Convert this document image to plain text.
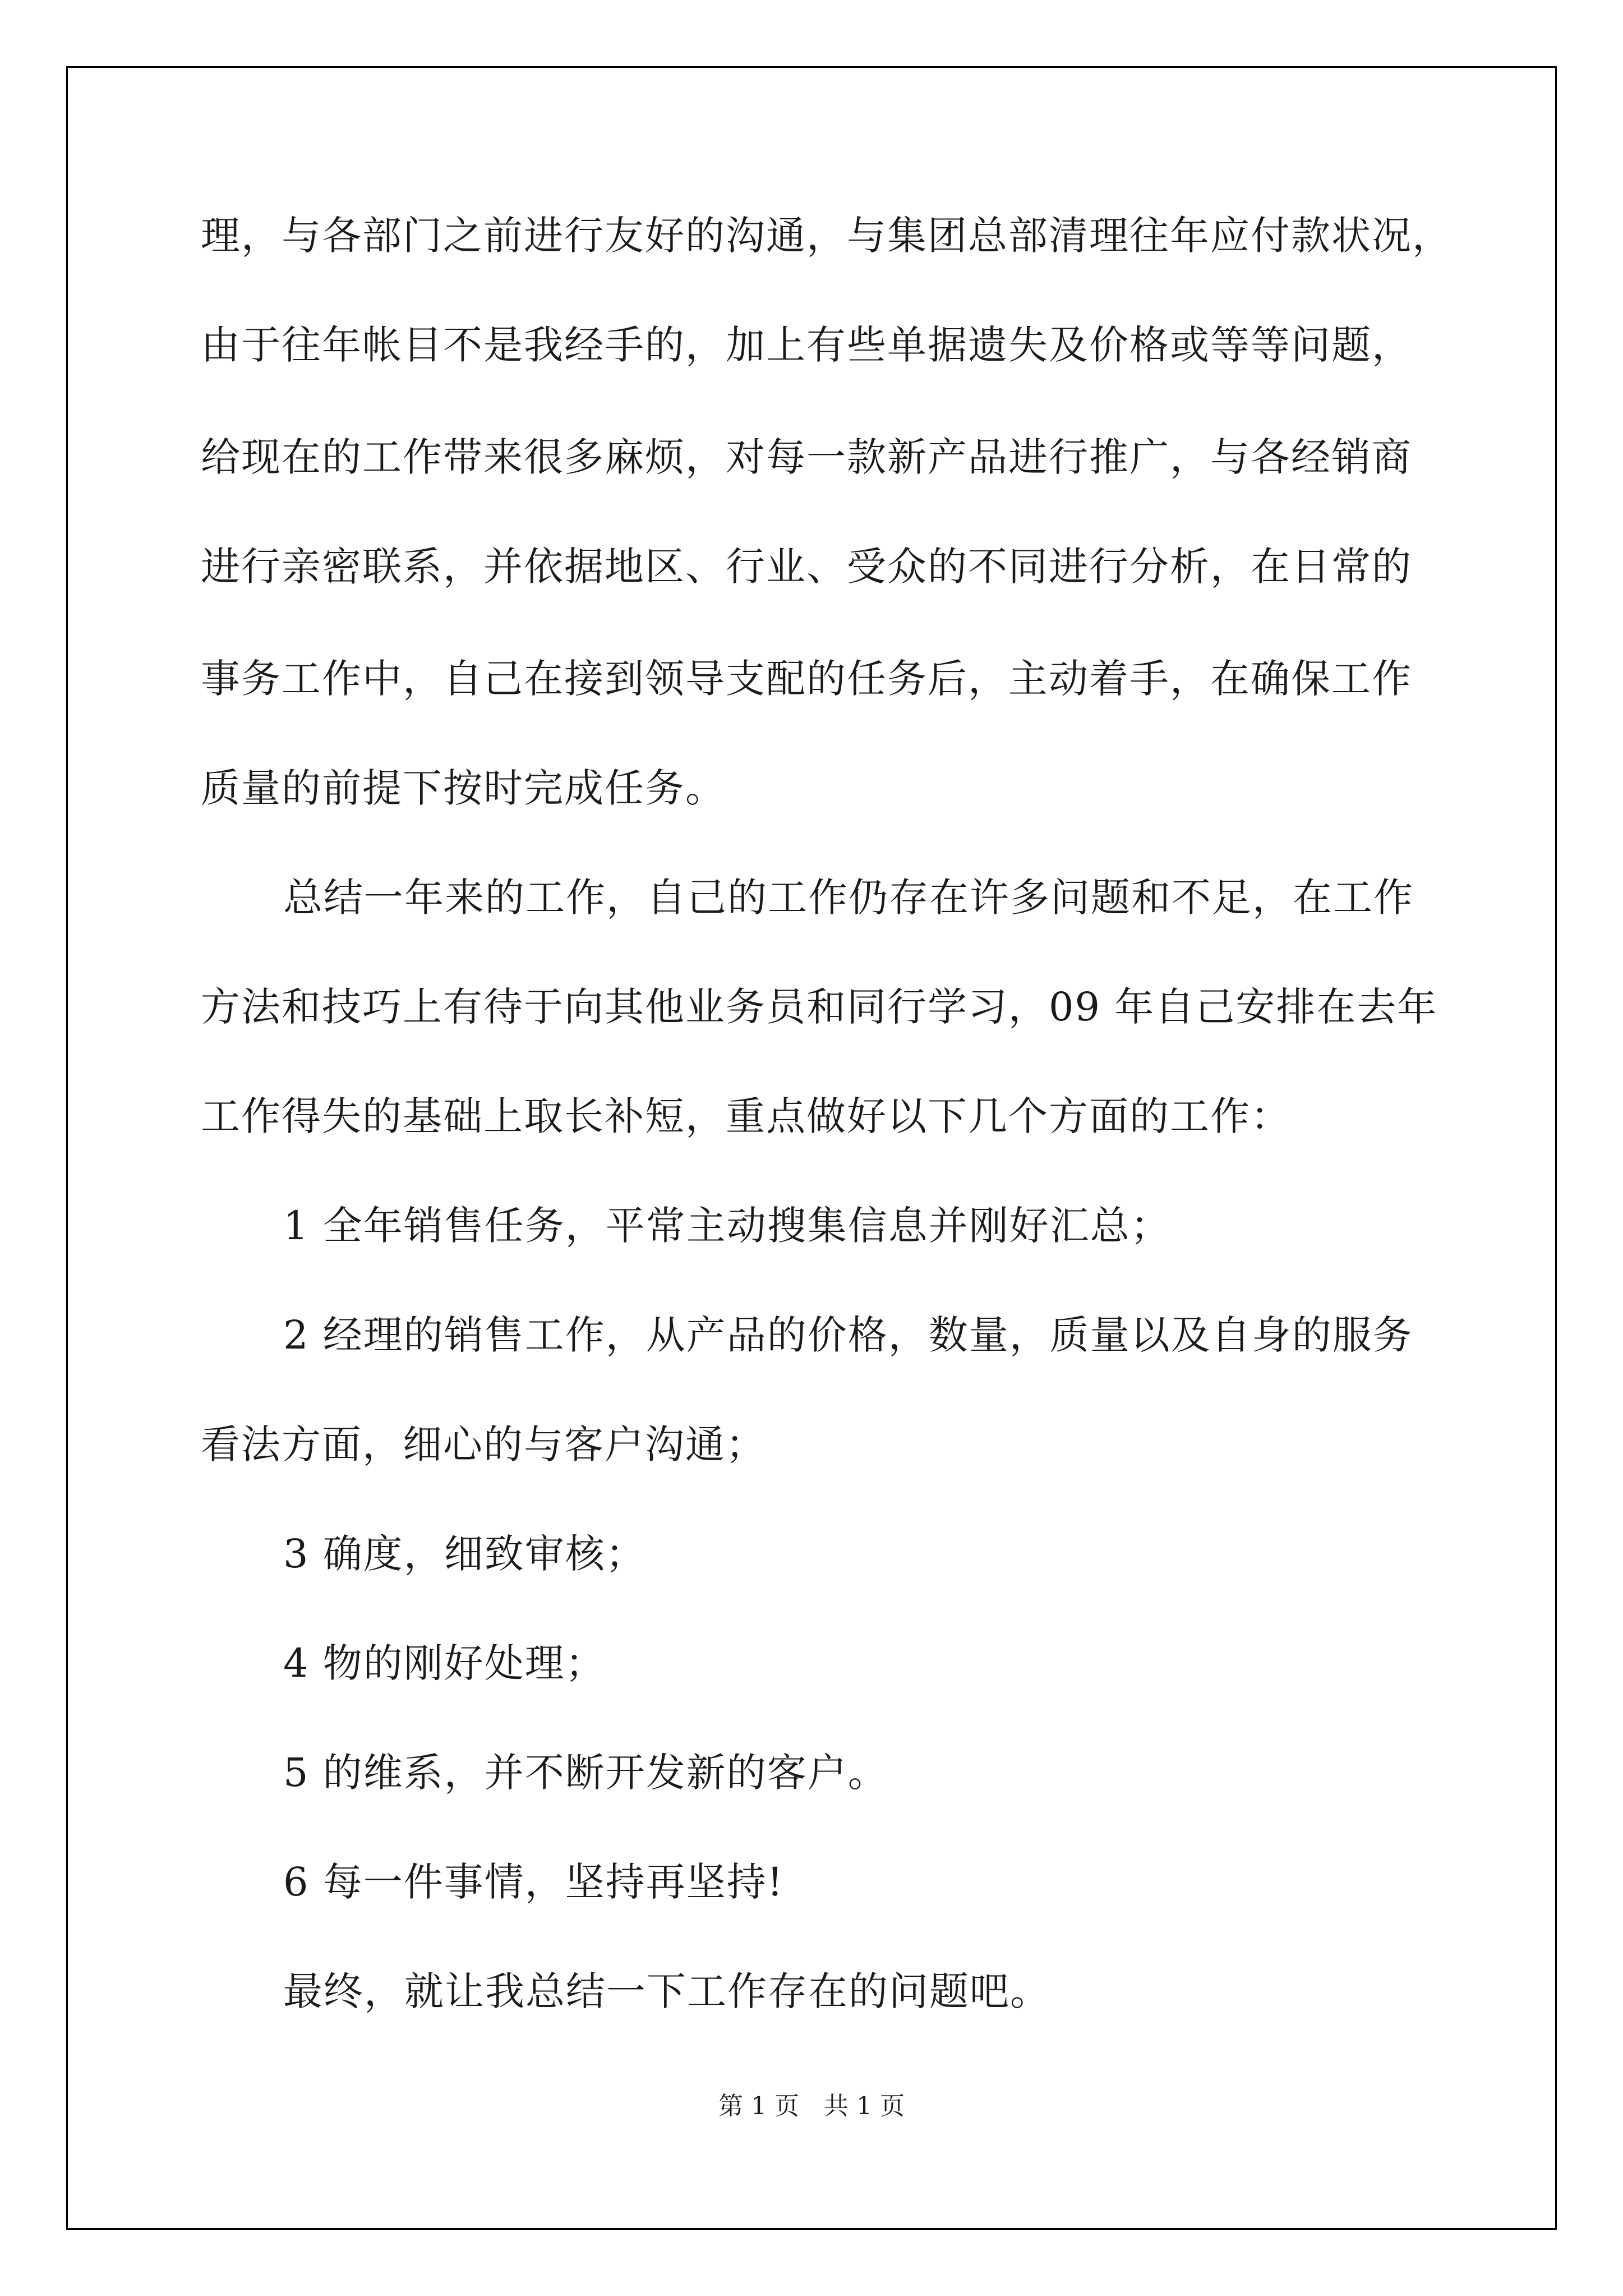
理，与各部门之前进行友好的沟通，与集团总部清理往年应付款状况，
由于往年帐目不是我经手的，加上有些单据遗失及价格或等等问题，
给现在的工作带来很多麻烦，对每一款新产品进行推广，与各经销商
进行亲密联系，并依据地区、行业、受众的不同进行分析，在日常的
事务工作中，自己在接到领导支配的任务后，主动着手，在确保工作
质量的前提下按时完成任务。
总结一年来的工作，自己的工作仍存在许多问题和不足，在工作
方法和技巧上有待于向其他业务员和同行学习，09 年自己安排在去年
工作得失的基础上取长补短，重点做好以下几个方面的工作：
1 全年销售任务，平常主动搜集信息并刚好汇总；
2 经理的销售工作，从产品的价格，数量，质量以及自身的服务
看法方面，细心的与客户沟通；
3 确度，细致审核；
4 物的刚好处理；
5 的维系，并不断开发新的客户。
6 每一件事情，坚持再坚持!
最终，就让我总结一下工作存在的问题吧。
第 1 页 共 1 页
